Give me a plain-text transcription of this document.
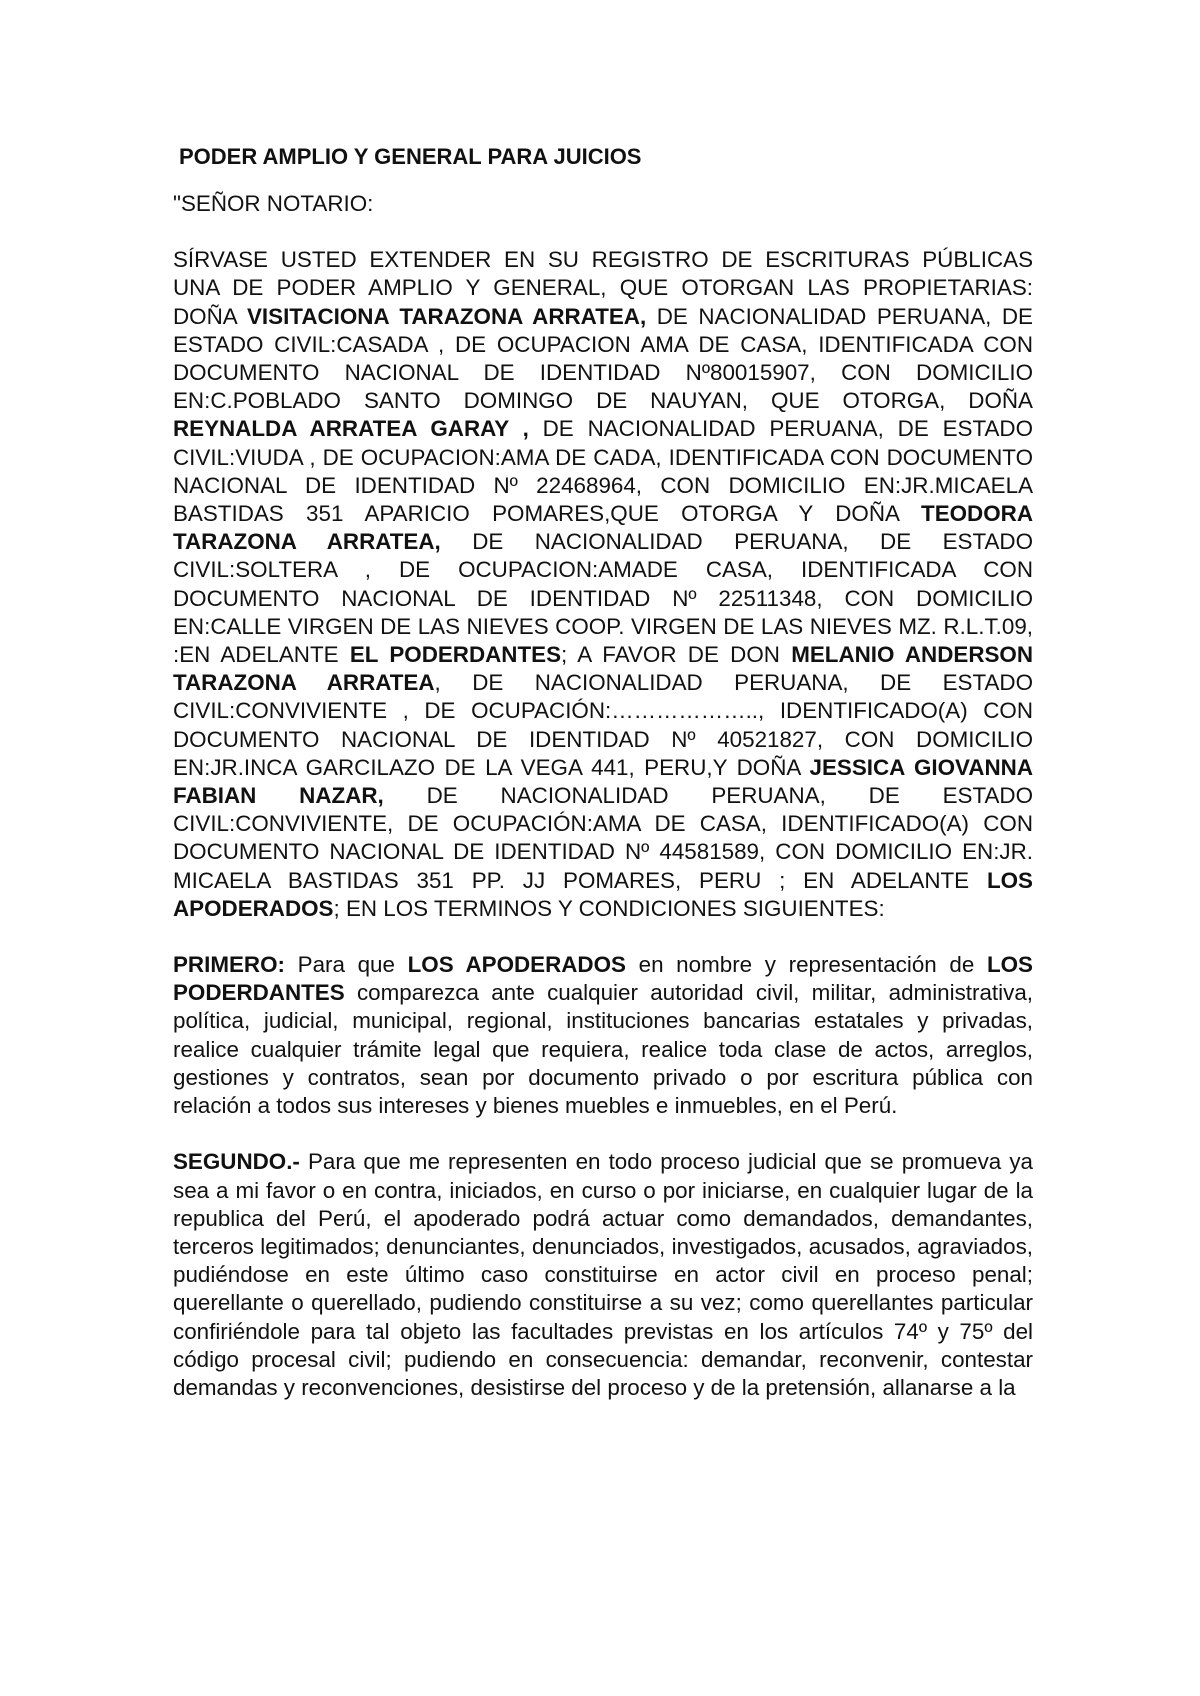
PODER AMPLIO Y GENERAL PARA JUICIOS
"SEÑOR NOTARIO:

SÍRVASE USTED EXTENDER EN SU REGISTRO DE ESCRITURAS PÚBLICAS UNA DE PODER AMPLIO Y GENERAL, QUE OTORGAN LAS PROPIETARIAS: DOÑA VISITACIONA TARAZONA ARRATEA, DE NACIONALIDAD PERUANA, DE ESTADO CIVIL:CASADA , DE OCUPACION AMA DE CASA, IDENTIFICADA CON DOCUMENTO NACIONAL DE IDENTIDAD Nº80015907, CON DOMICILIO EN:C.POBLADO SANTO DOMINGO DE NAUYAN, QUE OTORGA, DOÑA REYNALDA ARRATEA GARAY , DE NACIONALIDAD PERUANA, DE ESTADO CIVIL:VIUDA , DE OCUPACION:AMA DE CADA, IDENTIFICADA CON DOCUMENTO NACIONAL DE IDENTIDAD Nº 22468964, CON DOMICILIO EN:JR.MICAELA BASTIDAS 351 APARICIO POMARES,QUE OTORGA Y DOÑA TEODORA TARAZONA ARRATEA, DE NACIONALIDAD PERUANA, DE ESTADO CIVIL:SOLTERA , DE OCUPACION:AMADE CASA, IDENTIFICADA CON DOCUMENTO NACIONAL DE IDENTIDAD Nº 22511348, CON DOMICILIO EN:CALLE VIRGEN DE LAS NIEVES COOP. VIRGEN DE LAS NIEVES MZ. R.L.T.09, :EN ADELANTE EL PODERDANTES; A FAVOR DE DON MELANIO ANDERSON TARAZONA ARRATEA, DE NACIONALIDAD PERUANA, DE ESTADO CIVIL:CONVIVIENTE , DE OCUPACIÓN:……………….., IDENTIFICADO(A) CON DOCUMENTO NACIONAL DE IDENTIDAD Nº 40521827, CON DOMICILIO EN:JR.INCA GARCILAZO DE LA VEGA 441, PERU,Y DOÑA JESSICA GIOVANNA FABIAN NAZAR, DE NACIONALIDAD PERUANA, DE ESTADO CIVIL:CONVIVIENTE, DE OCUPACIÓN:AMA DE CASA, IDENTIFICADO(A) CON DOCUMENTO NACIONAL DE IDENTIDAD Nº 44581589, CON DOMICILIO EN:JR. MICAELA BASTIDAS 351 PP. JJ POMARES, PERU ; EN ADELANTE LOS APODERADOS; EN LOS TERMINOS Y CONDICIONES SIGUIENTES:

PRIMERO: Para que LOS APODERADOS en nombre y representación de LOS PODERDANTES comparezca ante cualquier autoridad civil, militar, administrativa, política, judicial, municipal, regional, instituciones bancarias estatales y privadas, realice cualquier trámite legal que requiera, realice toda clase de actos, arreglos, gestiones y contratos, sean por documento privado o por escritura pública con relación a todos sus intereses y bienes muebles e inmuebles, en el Perú.

SEGUNDO.- Para que me representen en todo proceso judicial que se promueva ya sea a mi favor o en contra, iniciados, en curso o por iniciarse, en cualquier lugar de la republica del Perú, el apoderado podrá actuar como demandados, demandantes, terceros legitimados; denunciantes, denunciados, investigados, acusados, agraviados, pudiéndose en este último caso constituirse en actor civil en proceso penal; querellante o querellado, pudiendo constituirse a su vez; como querellantes particular confiriéndole para tal objeto las facultades previstas en los artículos 74º y 75º del código procesal civil; pudiendo en consecuencia: demandar, reconvenir, contestar demandas y reconvenciones, desistirse del proceso y de la pretensión, allanarse a la
